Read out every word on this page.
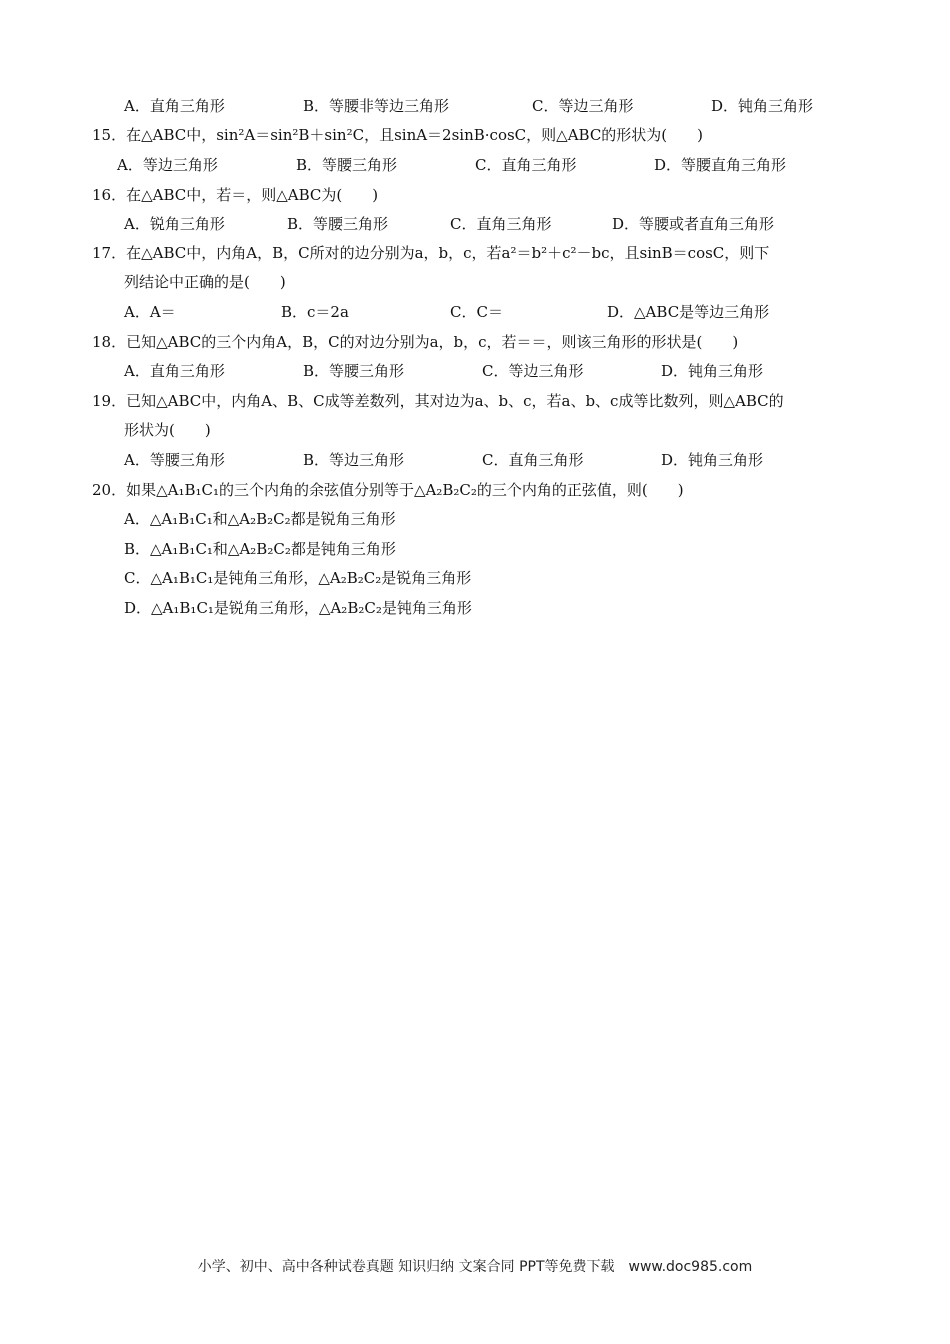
A．直角三角形	B．等腰非等边三角形	C．等边三角形	D．钝角三角形
15．在△ABC中，sin²A＝sin²B＋sin²C，且sinA＝2sinB·cosC，则△ABC的形状为(　　)
A．等边三角形	B．等腰三角形	C．直角三角形	D．等腰直角三角形
16．在△ABC中，若＝，则△ABC为(　　)
A．锐角三角形	B．等腰三角形	C．直角三角形	D．等腰或者直角三角形
17．在△ABC中，内角A，B，C所对的边分别为a，b，c，若a²＝b²＋c²－bc，且sinB＝cosC，则下
列结论中正确的是(　　)
A．A＝	B．c＝2a	C．C＝	D．△ABC是等边三角形
18．已知△ABC的三个内角A，B，C的对边分别为a，b，c，若＝＝，则该三角形的形状是(　　)
A．直角三角形	B．等腰三角形	C．等边三角形	D．钝角三角形
19．已知△ABC中，内角A、B、C成等差数列，其对边为a、b、c，若a、b、c成等比数列，则△ABC的
形状为(　　)
A．等腰三角形	B．等边三角形	C．直角三角形	D．钝角三角形
20．如果△A₁B₁C₁的三个内角的余弦值分别等于△A₂B₂C₂的三个内角的正弦值，则(　　)
A．△A₁B₁C₁和△A₂B₂C₂都是锐角三角形
B．△A₁B₁C₁和△A₂B₂C₂都是钝角三角形
C．△A₁B₁C₁是钝角三角形，△A₂B₂C₂是锐角三角形
D．△A₁B₁C₁是锐角三角形，△A₂B₂C₂是钝角三角形
小学、初中、高中各种试卷真题 知识归纳 文案合同 PPT等免费下载　www.doc985.com
